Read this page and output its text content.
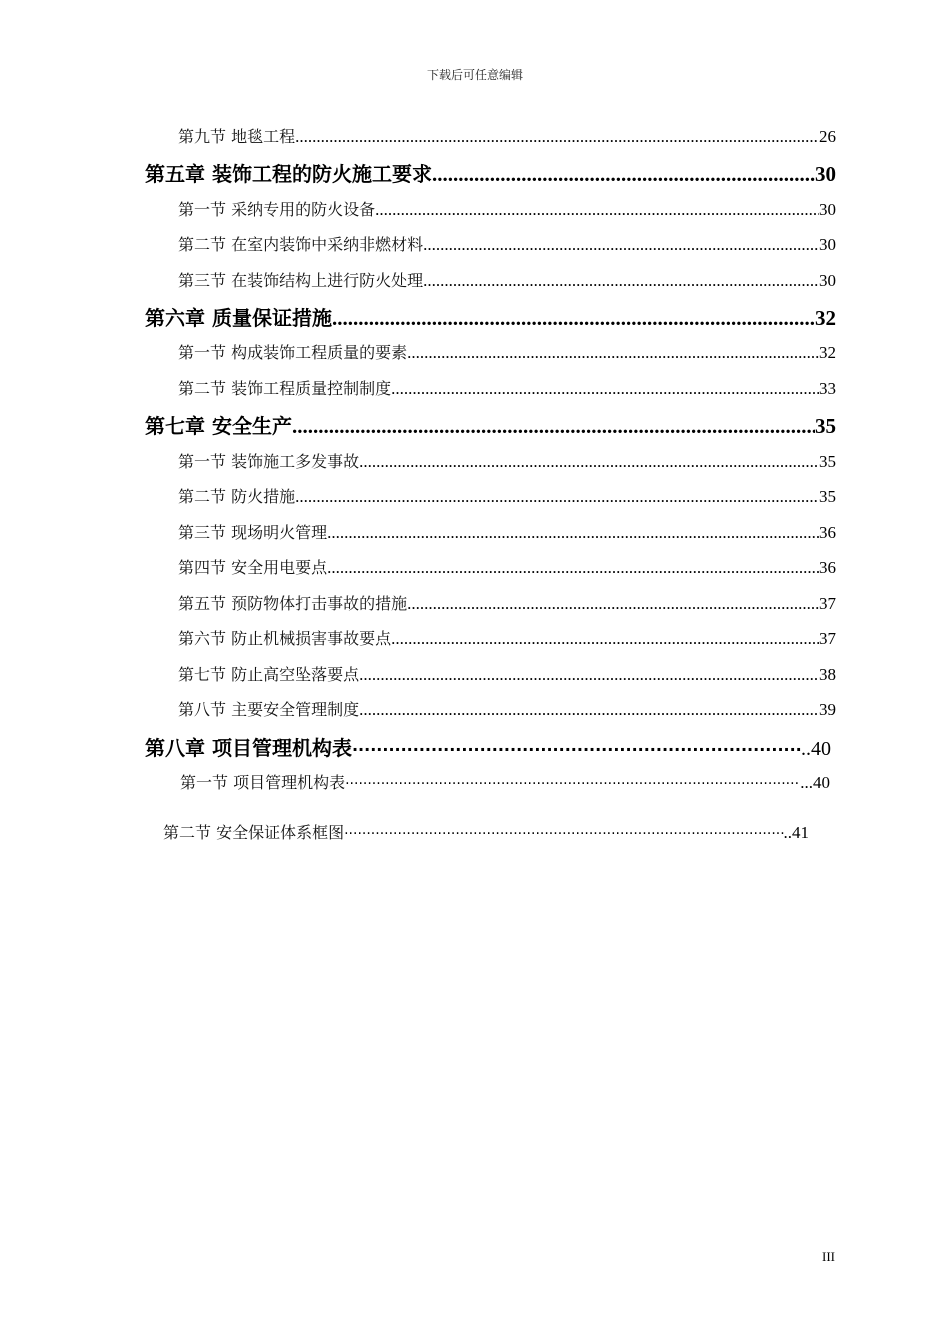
下载后可任意编辑
第九节 地毯工程 .....	26
第五章 装饰工程的防火施工要求 .....	30
第一节 采纳专用的防火设备 .....	30
第二节 在室内装饰中采纳非燃材料 .....	30
第三节 在装饰结构上进行防火处理 .....	30
第六章 质量保证措施 .....	32
第一节 构成装饰工程质量的要素 .....	32
第二节 装饰工程质量控制制度 .....	33
第七章 安全生产 .....	35
第一节 装饰施工多发事故 .....	35
第二节 防火措施 .....	35
第三节 现场明火管理 .....	36
第四节 安全用电要点 .....	36
第五节 预防物体打击事故的措施 .....	37
第六节 防止机械损害事故要点 .....	37
第七节 防止高空坠落要点 .....	38
第八节 主要安全管理制度 .....	39
第八章 项目管理机构表 ·····	..40
第一节 项目管理机构表 ·····	...40
第二节 安全保证体系框图 ·····	..41
III
